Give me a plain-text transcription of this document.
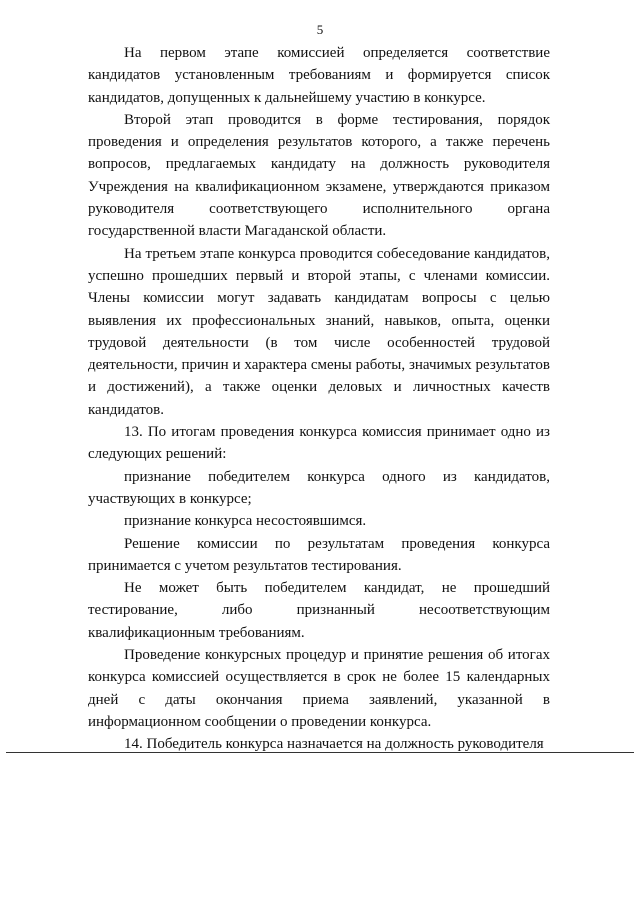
5

На первом этапе комиссией определяется соответствие кандидатов установленным требованиям и формируется список кандидатов, допущенных к дальнейшему участию в конкурсе.

Второй этап проводится в форме тестирования, порядок проведения и определения результатов которого, а также перечень вопросов, предлагаемых кандидату на должность руководителя Учреждения на квалификационном экзамене, утверждаются приказом руководителя соответствующего исполнительного органа государственной власти Магаданской области.

На третьем этапе конкурса проводится собеседование кандидатов, успешно прошедших первый и второй этапы, с членами комиссии. Члены комиссии могут задавать кандидатам вопросы с целью выявления их профессиональных знаний, навыков, опыта, оценки трудовой деятельности (в том числе особенностей трудовой деятельности, причин и характера смены работы, значимых результатов и достижений), а также оценки деловых и личностных качеств кандидатов.

13. По итогам проведения конкурса комиссия принимает одно из следующих решений:

признание победителем конкурса одного из кандидатов, участвующих в конкурсе;

признание конкурса несостоявшимся.

Решение комиссии по результатам проведения конкурса принимается с учетом результатов тестирования.

Не может быть победителем кандидат, не прошедший тестирование, либо признанный несоответствующим квалификационным требованиям.

Проведение конкурсных процедур и принятие решения об итогах конкурса комиссией осуществляется в срок не более 15 календарных дней с даты окончания приема заявлений, указанной в информационном сообщении о проведении конкурса.

14. Победитель конкурса назначается на должность руководителя
